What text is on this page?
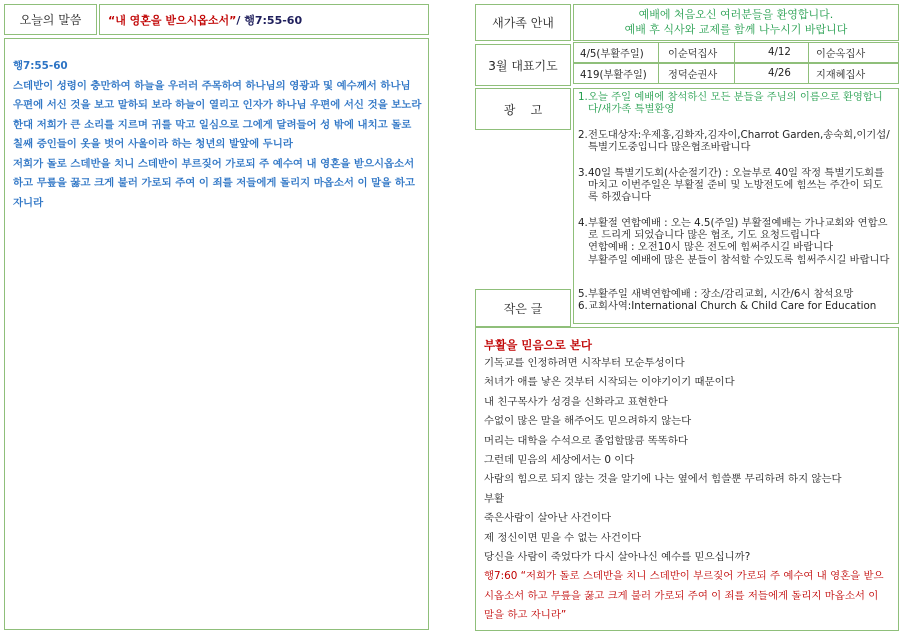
오늘의 말씀 “내 영혼을 받으시옵소서” / 행7:55-60

행7:55-60

스데반이 성령이 충만하여 하늘을 우러러 주목하여 하나님의 영광과 및 예수께서 하나님 우편에 서신 것을 보고 말하되 보라 하늘이 열리고 인자가 하나님 우편에 서신 것을 보노라 한대 저희가 큰 소리를 지르며 귀를 막고 일심으로 그에게 달려들어 성 밖에 내치고 돌로 칠쌔 증인들이 옷을 벗어 사울이라 하는 청년의 발앞에 두니라

저희가 돌로 스데반을 치니 스데반이 부르짖어 가로되 주 예수여 내 영혼을 받으시옵소서 하고 무릎을 꿇고 크게 불러 가로되 주여 이 죄를 저들에게 돌리지 마옵소서 이 말을 하고 자니라

새가족 안내
예배에 처음오신 여러분들을 환영합니다.
예배 후 식사와 교제를 함께 나누시기 바랍니다
3월 대표기도
4/5(부활주일) 이순덕집사	4/12 이순옥집사
419(부활주일) 정덕순권사	4/26 지재혜집사
광    고
1. 오늘 주일 예배에 참석하신 모든 분들을 주님의 이름으로 환영합니다/새가족 특별환영
2. 전도대상자:우제홍,김화자,김자이,Charrot Garden,송숙희,이기섭/특별기도중입니다 많은협조바랍니다
3. 40일 특별기도회(사순절기간) : 오늘부로 40일 작정 특별기도회를 마치고 이번주일은 부활절 준비 및 노방전도에 힘쓰는 주간이 되도록 하겠습니다
4. 부활절 연합예배 : 오는 4.5(주일) 부활절예배는 가나교회와 연합으로 드리게 되었습니다 많은 협조, 기도 요청드립니다
연합예배 : 오전10시 많은 전도에 힘써주시길 바랍니다
부활주일 예배에 많은 분들이 참석할 수있도록 힘써주시길 바랍니다
5. 부활주일 새벽연합예배 : 장소/감리교회, 시간/6시 참석요망
6. 교회사역:International Church & Child Care for Education
작은 글
부활을 믿음으로 본다
기독교를 인정하려면 시작부터 모순투성이다
처녀가 애를 낳은 것부터 시작되는 이야기이기 때문이다
내 친구목사가 성경을 신화라고 표현한다
수없이 많은 말을 해주어도 믿으려하지 않는다
머리는 대학을 수석으로 졸업할많큼 똑똑하다
그런데 믿음의 세상에서는 0 이다
사람의 힘으로 되지 않는 것을 알기에 나는 옆에서 힘쓸뿐 무리하려 하지 않는다
부활
죽은사람이 살아난 사건이다
제 정신이면 믿을 수 없는 사건이다
당신을 사람이 죽었다가 다시 살아나신 예수를 믿으십니까?
행7:60 “저희가 돌로 스데반을 치니 스데반이 부르짖어 가로되 주 예수여 내 영혼을 받으시옵소서 하고 무릎을 꿇고 크게 불러 가로되 주여 이 죄를 저들에게 돌리지 마옵소서 이 말을 하고 자니라”
